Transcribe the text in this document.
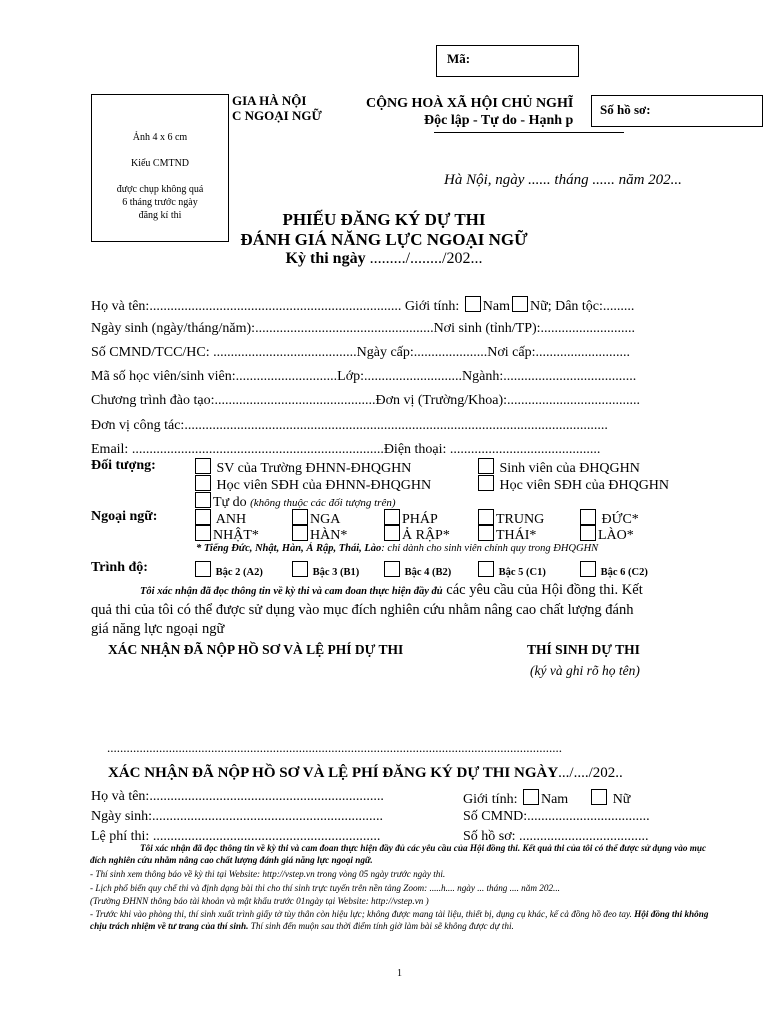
Mã:
GIA HÀ NỘI
C NGOẠI NGỮ
CỘNG HOÀ XÃ HỘI CHỦ NGHĨ
Độc lập - Tự do - Hạnh p
Số hồ sơ:
Ảnh 4 x 6 cm
Kiểu CMTND
được chụp không quá
6 tháng trước ngày
đăng kí thi
Hà Nội, ngày ...... tháng ...... năm 202...
PHIẾU ĐĂNG KÝ DỰ THI
ĐÁNH GIÁ NĂNG LỰC NGOẠI NGỮ
Kỳ thi ngày ........./......../202...
Họ và tên:........................................................................ Giới tính: Nam Nữ; Dân tộc:.........
Ngày sinh (ngày/tháng/năm):...................................................Nơi sinh (tỉnh/TP):...........................
Số CMND/TCC/HC: .........................................Ngày cấp:.....................Nơi cấp:...........................
Mã số học viên/sinh viên:.............................Lớp:............................Ngành:......................................
Chương trình đào tạo:..............................................Đơn vị (Trường/Khoa):......................................
Đơn vị công tác:.........................................................................................................................
Email: ........................................................................Điện thoại: ...........................................
Đối tượng:	SV của Trường ĐHNN-ĐHQGHN	Sinh viên của ĐHQGHN
Học viên SĐH của ĐHNN-ĐHQGHN	Học viên SĐH của ĐHQGHN
Tự do (không thuộc các đối tượng trên)
Ngoại ngữ:	ANH	NGA	PHÁP	TRUNG	ĐỨC*
NHẬT*	HÀN*	Ả RẬP*	THÁI*	LÀO*
* Tiếng Đức, Nhật, Hàn, Ả Rập, Thái, Lào: chỉ dành cho sinh viên chính quy trong ĐHQGHN
Trình độ:	Bậc 2 (A2)	Bậc 3 (B1)	Bậc 4 (B2)	Bậc 5 (C1)	Bậc 6 (C2)
Tôi xác nhận đã đọc thông tin về kỳ thi và cam đoan thực hiện đầy đủ các yêu cầu của Hội đồng thi. Kết
quả thi của tôi có thể được sử dụng vào mục đích nghiên cứu nhằm nâng cao chất lượng đánh
giá năng lực ngoại ngữ
XÁC NHẬN ĐÃ NỘP HỒ SƠ VÀ LỆ PHÍ DỰ THI	THÍ SINH DỰ THI
(ký và ghi rõ họ tên)
............................................................................................................................................
XÁC NHẬN ĐÃ NỘP HỒ SƠ VÀ LỆ PHÍ ĐĂNG KÝ DỰ THI NGÀY.../..../202..
Họ và tên:...................................................................	Giới tính: Nam	Nữ
Ngày sinh:..................................................................	Số CMND:...................................
Lệ phí thi: .................................................................	Số hồ sơ: .....................................
Tôi xác nhận đã đọc thông tin về kỳ thi và cam đoan thực hiện đầy đủ các yêu cầu của Hội đồng thi. Kết quả thi của tôi có thể được sử dụng vào mục đích nghiên cứu nhằm nâng cao chất lượng đánh giá năng lực ngoại ngữ.
- Thí sinh xem thông báo về kỳ thi tại Website: http://vstep.vn trong vòng 05 ngày trước ngày thi.
- Lịch phổ biến quy chế thi và định dạng bài thi cho thí sinh trực tuyến trên nền tảng Zoom: .....h.... ngày ... tháng .... năm 202...
(Trường ĐHNN thông báo tài khoản và mật khẩu trước 01ngày tại Website: http://vstep.vn )
- Trước khi vào phòng thi, thí sinh xuất trình giấy tờ tùy thân còn hiệu lực; không được mang tài liệu, thiết bị, dụng cụ khác, kể cả đồng hồ đeo tay. Hội đồng thi không chịu trách nhiệm về tư trang của thí sinh. Thí sinh đến muộn sau thời điểm tính giờ làm bài sẽ không được dự thi.
1
